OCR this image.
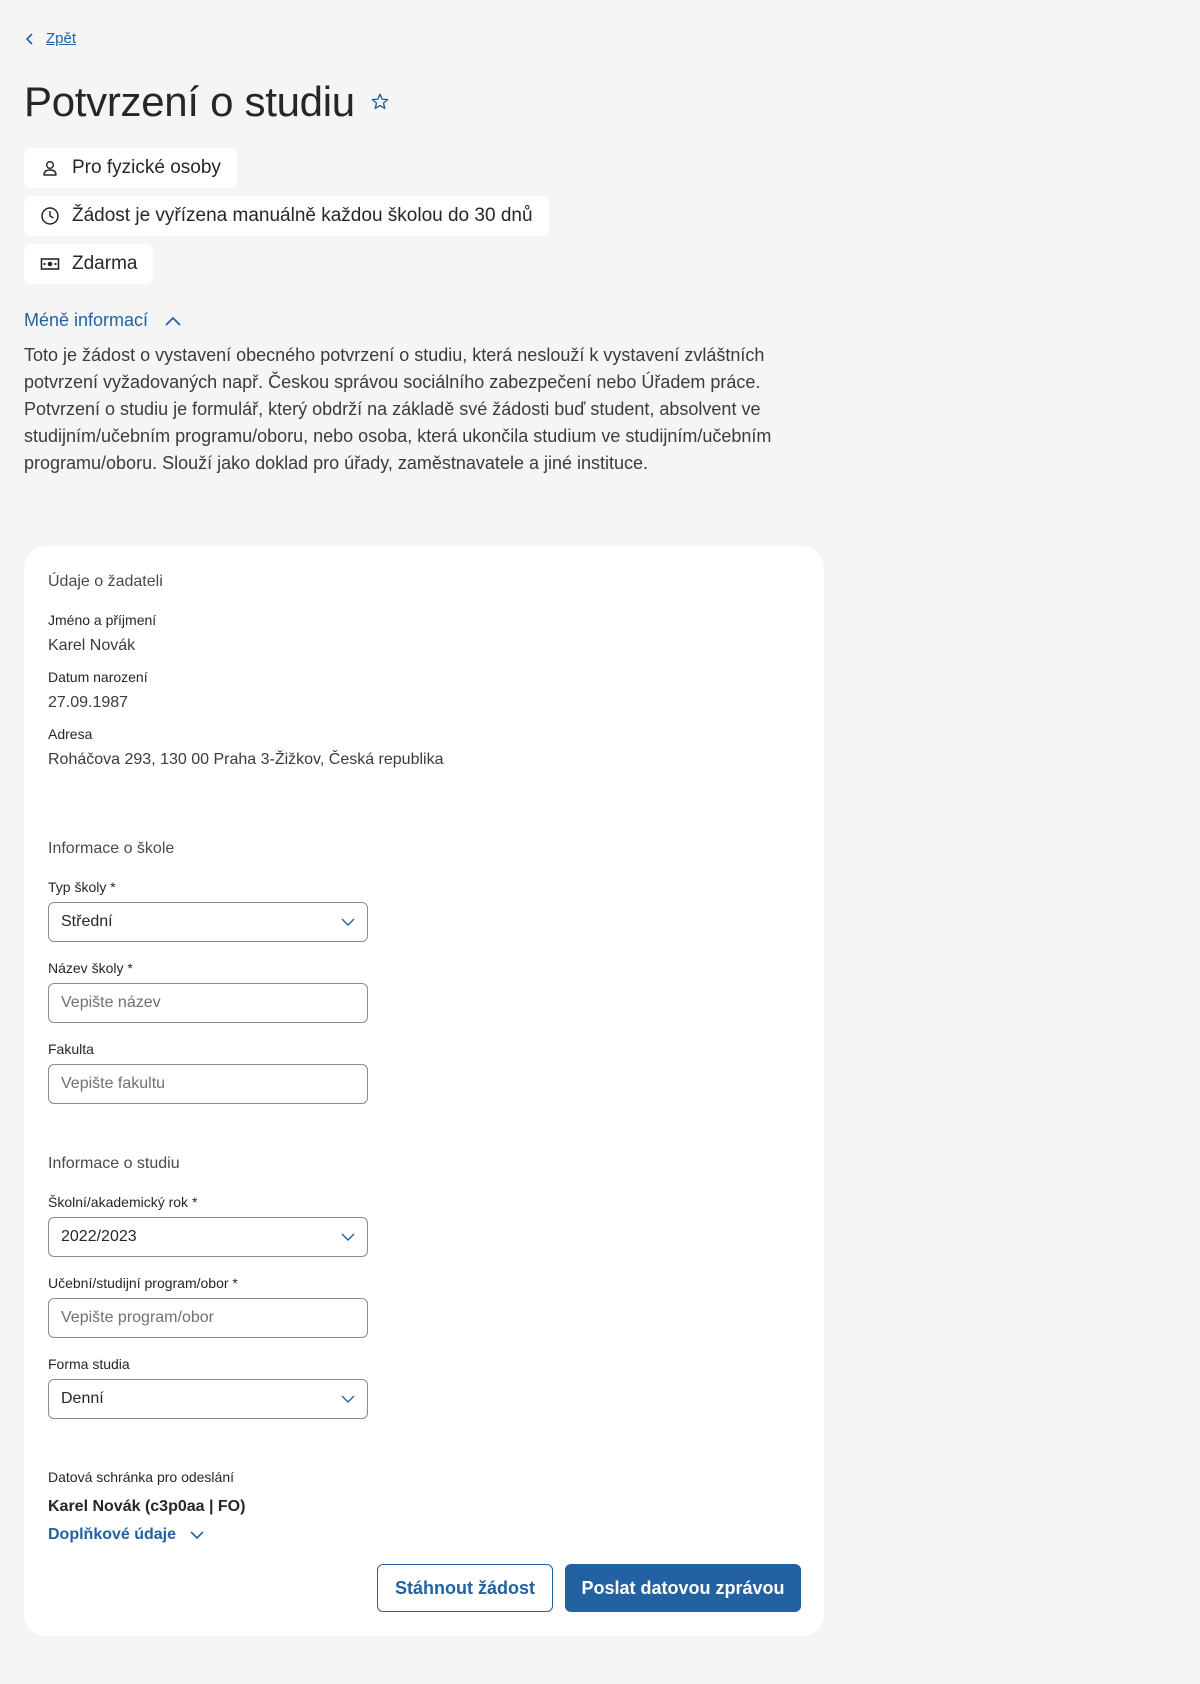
Zpět
Potvrzení o studiu
Pro fyzické osoby
Žádost je vyřízena manuálně každou školou do 30 dnů
Zdarma
Méně informací

Toto je žádost o vystavení obecného potvrzení o studiu, která neslouží k vystavení zvláštních potvrzení vyžadovaných např. Českou správou sociálního zabezpečení nebo Úřadem práce. Potvrzení o studiu je formulář, který obdrží na základě své žádosti buď student, absolvent ve studijním/učebním programu/oboru, nebo osoba, která ukončila studium ve studijním/učebním programu/oboru. Slouží jako doklad pro úřady, zaměstnavatele a jiné instituce.

Údaje o žadateli
Jméno a příjmení
Karel Novák
Datum narození
27.09.1987
Adresa
Roháčova 293, 130 00 Praha 3-Žižkov, Česká republika
Informace o škole
Typ školy *
Střední
Název školy *
Vepište název
Fakulta
Vepište fakultu
Informace o studiu
Školní/akademický rok *
2022/2023
Učební/studijní program/obor *
Vepište program/obor
Forma studia
Denní
Datová schránka pro odeslání
Karel Novák (c3p0aa | FO)
Doplňkové údaje
Stáhnout žádost	Poslat datovou zprávou
